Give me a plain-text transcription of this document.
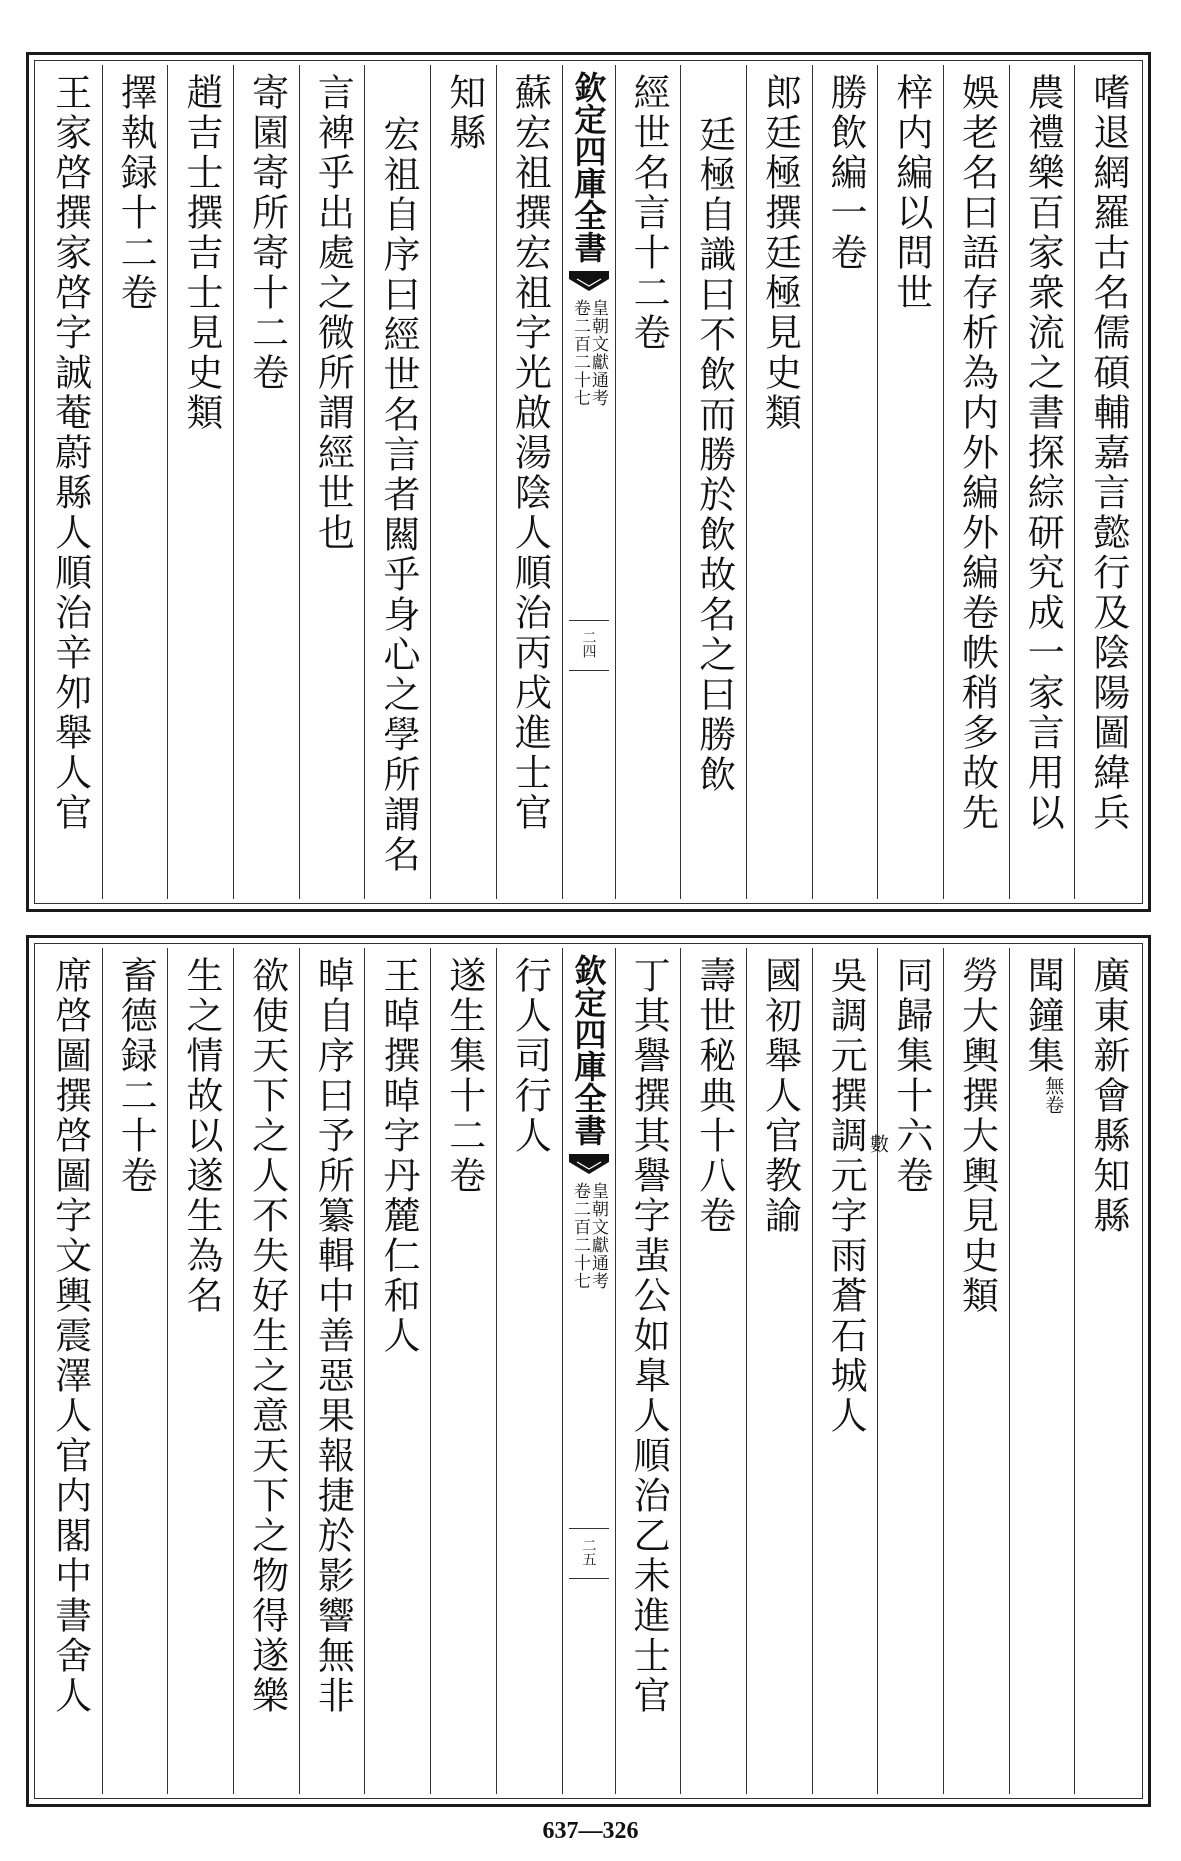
嗜退網羅古名儒碩輔嘉言懿行及陰陽圖緯兵
農禮樂百家衆流之書探綜研究成一家言用以
娛老名曰語存析為内外編外編卷帙稍多故先
梓内編以問世
勝飲編一卷
郎廷極撰廷極見史類
廷極自識曰不飲而勝於飲故名之曰勝飲
經世名言十二卷
欽定四庫全書
皇朝文獻通考
卷二百二十七
二四
蘇宏祖撰宏祖字光啟湯陰人順治丙戌進士官
知縣
宏祖自序曰經世名言者闗乎身心之學所謂名
言裨乎出處之微所謂經世也
寄園寄所寄十二卷
趙吉士撰吉士見史類
擇執録十二卷
王家啓撰家啓字誠菴蔚縣人順治辛夘舉人官
廣東新會縣知縣
聞鐘集$^{無卷}$
勞大輿撰大輿見史類
同歸集十六卷
吳調元撰調元字雨蒼石城人
國初舉人官教諭
壽世秘典十八卷
丁其譽撰其譽字蜚公如臯人順治乙未進士官
欽定四庫全書
皇朝文獻通考
卷二百二十七
二五
行人司行人
遂生集十二卷
王晫撰晫字丹麓仁和人
晫自序曰予所纂輯中善惡果報捷於影響無非
欲使天下之人不失好生之意天下之物得遂樂
生之情故以遂生為名
畜德録二十卷
席啓圖撰啓圖字文輿震澤人官内閣中書舍人	數
637—326
